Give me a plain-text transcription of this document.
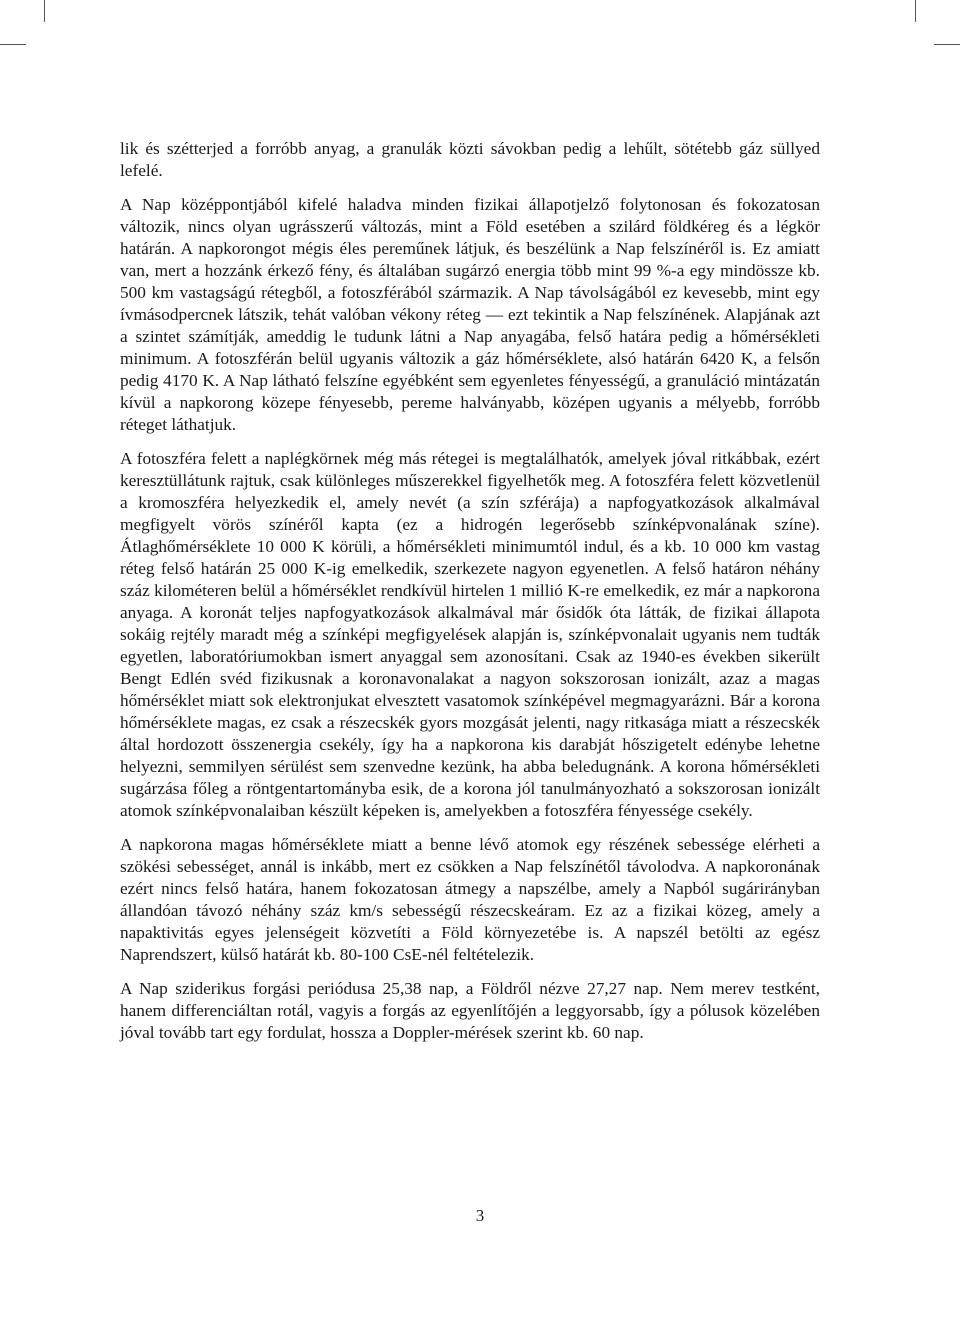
lik és szétterjed a forróbb anyag, a granulák közti sávokban pedig a lehűlt, sötétebb gáz süllyed lefelé.

A Nap középpontjából kifelé haladva minden fizikai állapotjelző folytonosan és fokozatosan változik, nincs olyan ugrásszerű változás, mint a Föld esetében a szilárd földkéreg és a légkör határán. A napkorongot mégis éles pereműnek látjuk, és beszélünk a Nap felszínéről is. Ez amiatt van, mert a hozzánk érkező fény, és általában sugárzó energia több mint 99 %-a egy mindössze kb. 500 km vastagságú rétegből, a fotoszférából származik. A Nap távolságából ez kevesebb, mint egy ívmásodpercnek látszik, tehát valóban vékony réteg — ezt tekintik a Nap felszínének. Alapjának azt a szintet számítják, ameddig le tudunk látni a Nap anyagába, felső határa pedig a hőmérsékleti minimum. A fotoszférán belül ugyanis változik a gáz hőmérséklete, alsó határán 6420 K, a felsőn pedig 4170 K. A Nap látható felszíne egyébként sem egyenletes fényességű, a granuláció mintázatán kívül a napkorong közepe fényesebb, pereme halványabb, középen ugyanis a mélyebb, forróbb réteget láthatjuk.

A fotoszféra felett a naplégkörnek még más rétegei is megtalálhatók, amelyek jóval ritkábbak, ezért keresztüllátunk rajtuk, csak különleges műszerekkel figyelhetők meg. A fotoszféra felett közvetlenül a kromoszféra helyezkedik el, amely nevét (a szín szférája) a napfogyatkozások alkalmával megfigyelt vörös színéről kapta (ez a hidrogén legerősebb színképvonalának színe). Átlaghőmérséklete 10 000 K körüli, a hőmérsékleti minimumtól indul, és a kb. 10 000 km vastag réteg felső határán 25 000 K-ig emelkedik, szerkezete nagyon egyenetlen. A felső határon néhány száz kilométeren belül a hőmérséklet rendkívül hirtelen 1 millió K-re emelkedik, ez már a napkorona anyaga. A koronát teljes napfogyatkozások alkalmával már ősidők óta látták, de fizikai állapota sokáig rejtély maradt még a színképi megfigyelések alapján is, színképvonalait ugyanis nem tudták egyetlen, laboratóriumokban ismert anyaggal sem azonosítani. Csak az 1940-es években sikerült Bengt Edlén svéd fizikusnak a koronavonalakat a nagyon sokszorosan ionizált, azaz a magas hőmérséklet miatt sok elektronjukat elvesztett vasatomok színképével megmagyarázni. Bár a korona hőmérséklete magas, ez csak a részecskék gyors mozgását jelenti, nagy ritkasága miatt a részecskék által hordozott összenergia csekély, így ha a napkorona kis darabját hőszigetelt edénybe lehetne helyezni, semmilyen sérülést sem szenvedne kezünk, ha abba beledugnánk. A korona hőmérsékleti sugárzása főleg a röntgentartományba esik, de a korona jól tanulmányozható a sokszorosan ionizált atomok színképvonalaiban készült képeken is, amelyekben a fotoszféra fényessége csekély.

A napkorona magas hőmérséklete miatt a benne lévő atomok egy részének sebessége elérheti a szökési sebességet, annál is inkább, mert ez csökken a Nap felszínétől távolodva. A napkoronának ezért nincs felső határa, hanem fokozatosan átmegy a napszélbe, amely a Napból sugárirányban állandóan távozó néhány száz km/s sebességű részecskeáram. Ez az a fizikai közeg, amely a napaktivitás egyes jelenségeit közvetíti a Föld környezetébe is. A napszél betölti az egész Naprendszert, külső határát kb. 80-100 CsE-nél feltételezik.

A Nap sziderikus forgási periódusa 25,38 nap, a Földről nézve 27,27 nap. Nem merev testként, hanem differenciáltan rotál, vagyis a forgás az egyenlítőjén a leggyorsabb, így a pólusok közelében jóval tovább tart egy fordulat, hossza a Doppler-mérések szerint kb. 60 nap.

3
